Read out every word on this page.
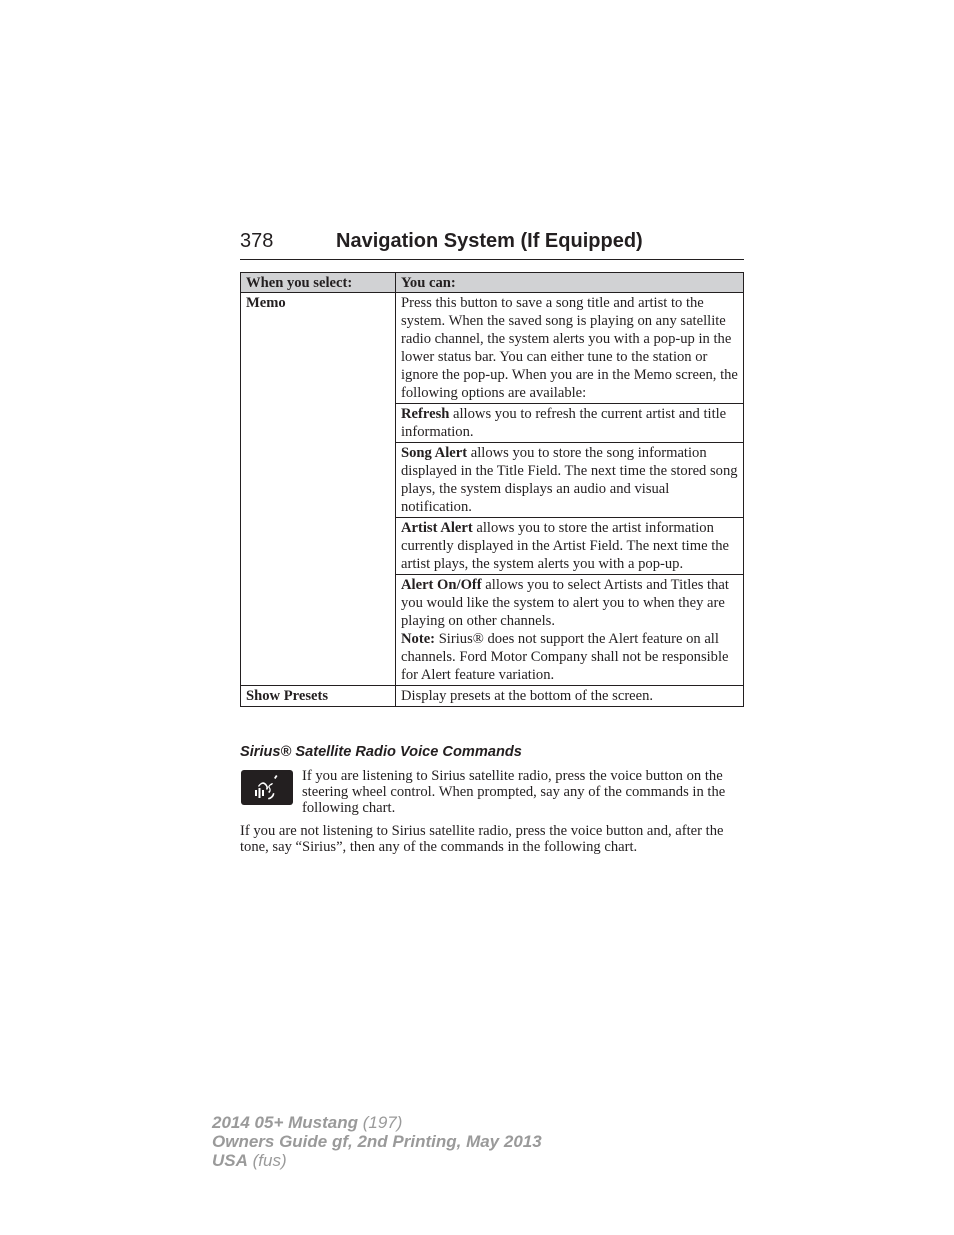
378	Navigation System (If Equipped)
When you select:	You can:
Memo	Press this button to save a song title and artist to the system. When the saved song is playing on any satellite radio channel, the system alerts you with a pop-up in the lower status bar. You can either tune to the station or ignore the pop-up. When you are in the Memo screen, the following options are available:
	Refresh allows you to refresh the current artist and title information.
	Song Alert allows you to store the song information displayed in the Title Field. The next time the stored song plays, the system displays an audio and visual notification.
	Artist Alert allows you to store the artist information currently displayed in the Artist Field. The next time the artist plays, the system alerts you with a pop-up.
	Alert On/Off allows you to select Artists and Titles that you would like the system to alert you to when they are playing on other channels.
Note: Sirius® does not support the Alert feature on all channels. Ford Motor Company shall not be responsible for Alert feature variation.
Show Presets	Display presets at the bottom of the screen.
Sirius® Satellite Radio Voice Commands
If you are listening to Sirius satellite radio, press the voice button on the steering wheel control. When prompted, say any of the commands in the following chart.
If you are not listening to Sirius satellite radio, press the voice button and, after the tone, say “Sirius”, then any of the commands in the following chart.
2014 05+ Mustang (197)
Owners Guide gf, 2nd Printing, May 2013
USA (fus)
